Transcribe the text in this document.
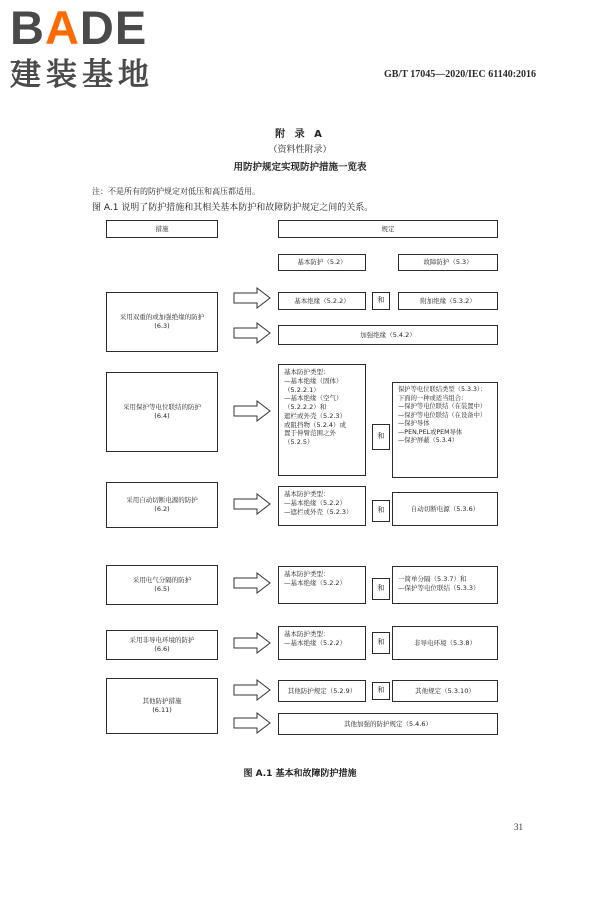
BADE
建装基地	GB/T 17045—2020/IEC 61140:2016
附 录 A
（资料性附录）
用防护规定实现防护措施一览表
注：不是所有的防护规定对低压和高压都适用。
图 A.1 说明了防护措施和其相关基本防护和故障防护规定之间的关系。
措施	规定
基本防护（5.2）	故障防护（5.3）
采用双重的或加强绝缘的防护
(6.3)
基本绝缘（5.2.2）	和	附加绝缘（5.3.2）
加强绝缘（5.4.2）
采用保护等电位联结的防护
(6.4)
基本防护类型：
—基本绝缘（固体）
（5.2.2.1）
—基本绝缘（空气）
（5.2.2.2）和
遮栏或外壳（5.2.3）
或阻挡物（5.2.4）或
置于伸臂范围之外
（5.2.5）
和
保护等电位联结类型（5.3.3）：
下面的一种或适当组合：
—保护等电位联结（在装置中）
—保护等电位联结（在设备中）
—保护导体
—PEN,PEL或PEM导体
—保护屏蔽（5.3.4）
采用自动切断电源的防护
(6.2)
基本防护类型：
—基本绝缘（5.2.2）
—遮栏或外壳（5.2.3）	和	自动切断电源（5.3.6）
采用电气分隔的防护
(6.5)
基本防护类型：
—基本绝缘（5.2.2）
和
一简单分隔（5.3.7）和
—保护等电位联结（5.3.3）
采用非导电环境的防护
(6.6)
基本防护类型：
—基本绝缘（5.2.2）	和	非导电环境（5.3.8）
其他防护措施
(6.11)
其他防护规定（5.2.9）	和	其他规定（5.3.10）
其他加强的防护规定（5.4.6）
图 A.1 基本和故障防护措施
31
